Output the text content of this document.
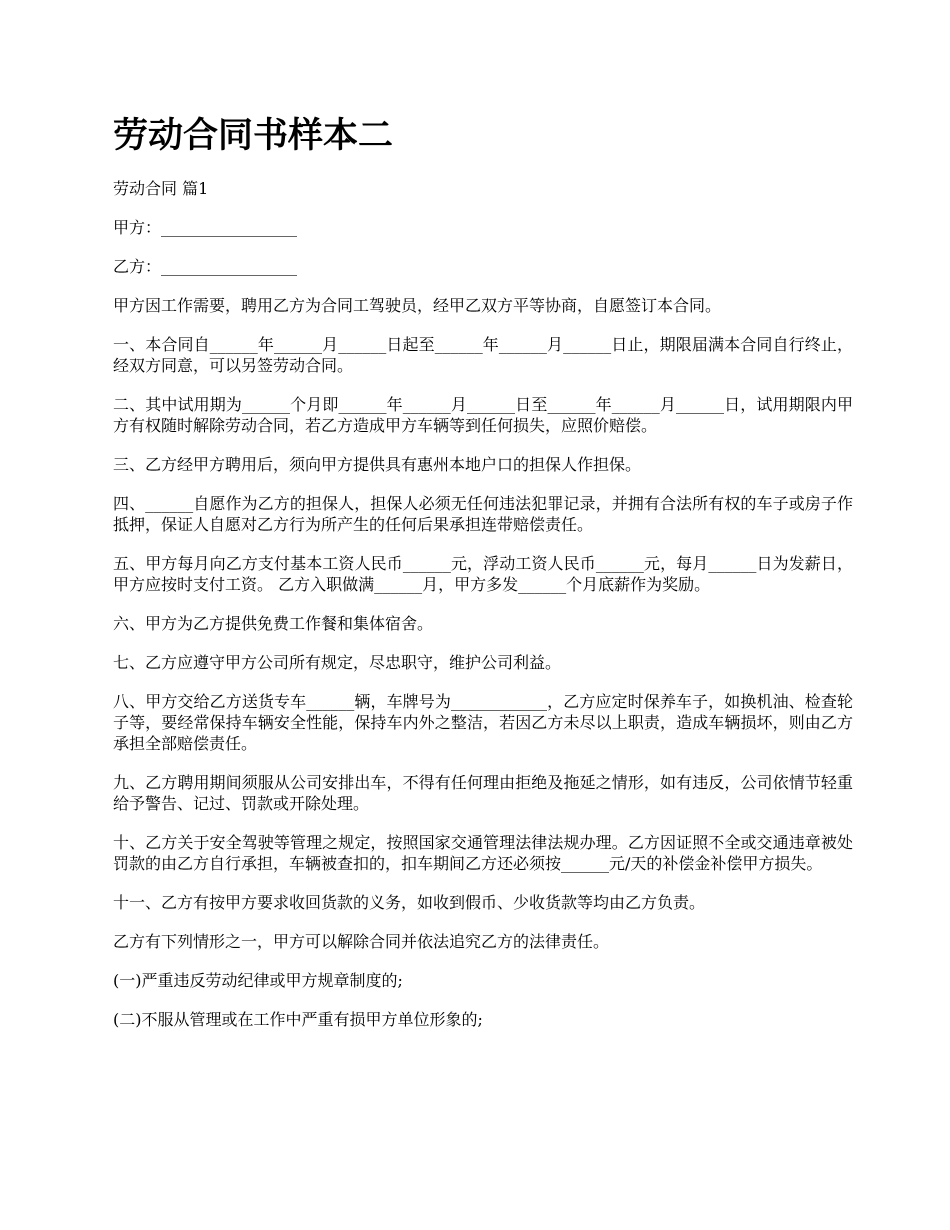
劳动合同书样本二

劳动合同 篇1

甲方：_________________

乙方：_________________

甲方因工作需要，聘用乙方为合同工驾驶员，经甲乙双方平等协商，自愿签订本合同。

一、本合同自______年______月______日起至______年______月______日止，期限届满本合同自行终止，经双方同意，可以另签劳动合同。

二、其中试用期为______个月即______年______月______日至______年______月______日，试用期限内甲方有权随时解除劳动合同，若乙方造成甲方车辆等到任何损失，应照价赔偿。

三、乙方经甲方聘用后，须向甲方提供具有惠州本地户口的担保人作担保。

四、______自愿作为乙方的担保人，担保人必须无任何违法犯罪记录，并拥有合法所有权的车子或房子作抵押，保证人自愿对乙方行为所产生的任何后果承担连带赔偿责任。

五、甲方每月向乙方支付基本工资人民币______元，浮动工资人民币______元，每月______日为发薪日，甲方应按时支付工资。 乙方入职做满______月，甲方多发______个月底薪作为奖励。

六、甲方为乙方提供免费工作餐和集体宿舍。

七、乙方应遵守甲方公司所有规定，尽忠职守，维护公司利益。

八、甲方交给乙方送货专车______辆，车牌号为____________，乙方应定时保养车子，如换机油、检查轮子等，要经常保持车辆安全性能，保持车内外之整洁，若因乙方未尽以上职责，造成车辆损坏，则由乙方承担全部赔偿责任。

九、乙方聘用期间须服从公司安排出车，不得有任何理由拒绝及拖延之情形，如有违反，公司依情节轻重给予警告、记过、罚款或开除处理。

十、乙方关于安全驾驶等管理之规定，按照国家交通管理法律法规办理。乙方因证照不全或交通违章被处罚款的由乙方自行承担，车辆被查扣的，扣车期间乙方还必须按______元/天的补偿金补偿甲方损失。

十一、乙方有按甲方要求收回货款的义务，如收到假币、少收货款等均由乙方负责。

乙方有下列情形之一，甲方可以解除合同并依法追究乙方的法律责任。

(一)严重违反劳动纪律或甲方规章制度的;

(二)不服从管理或在工作中严重有损甲方单位形象的;
